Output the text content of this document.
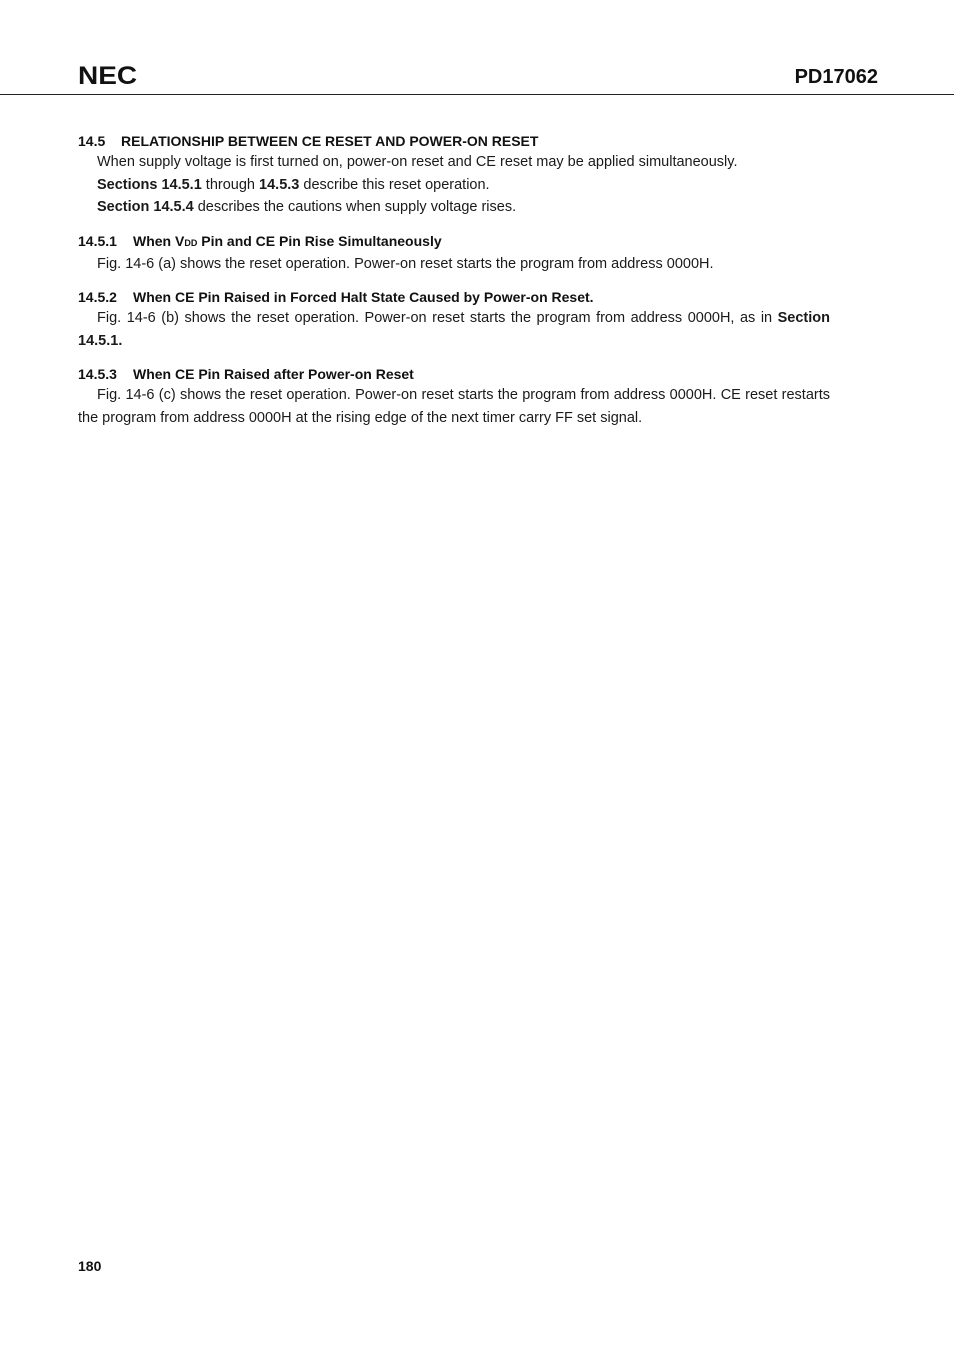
NEC	PD17062
14.5 RELATIONSHIP BETWEEN CE RESET AND POWER-ON RESET
When supply voltage is first turned on, power-on reset and CE reset may be applied simultaneously.
Sections 14.5.1 through 14.5.3 describe this reset operation.
Section 14.5.4 describes the cautions when supply voltage rises.
14.5.1 When VDD Pin and CE Pin Rise Simultaneously
Fig. 14-6 (a) shows the reset operation. Power-on reset starts the program from address 0000H.
14.5.2 When CE Pin Raised in Forced Halt State Caused by Power-on Reset.
Fig. 14-6 (b) shows the reset operation. Power-on reset starts the program from address 0000H, as in Section 14.5.1.
14.5.3 When CE Pin Raised after Power-on Reset
Fig. 14-6 (c) shows the reset operation. Power-on reset starts the program from address 0000H. CE reset restarts the program from address 0000H at the rising edge of the next timer carry FF set signal.
180
